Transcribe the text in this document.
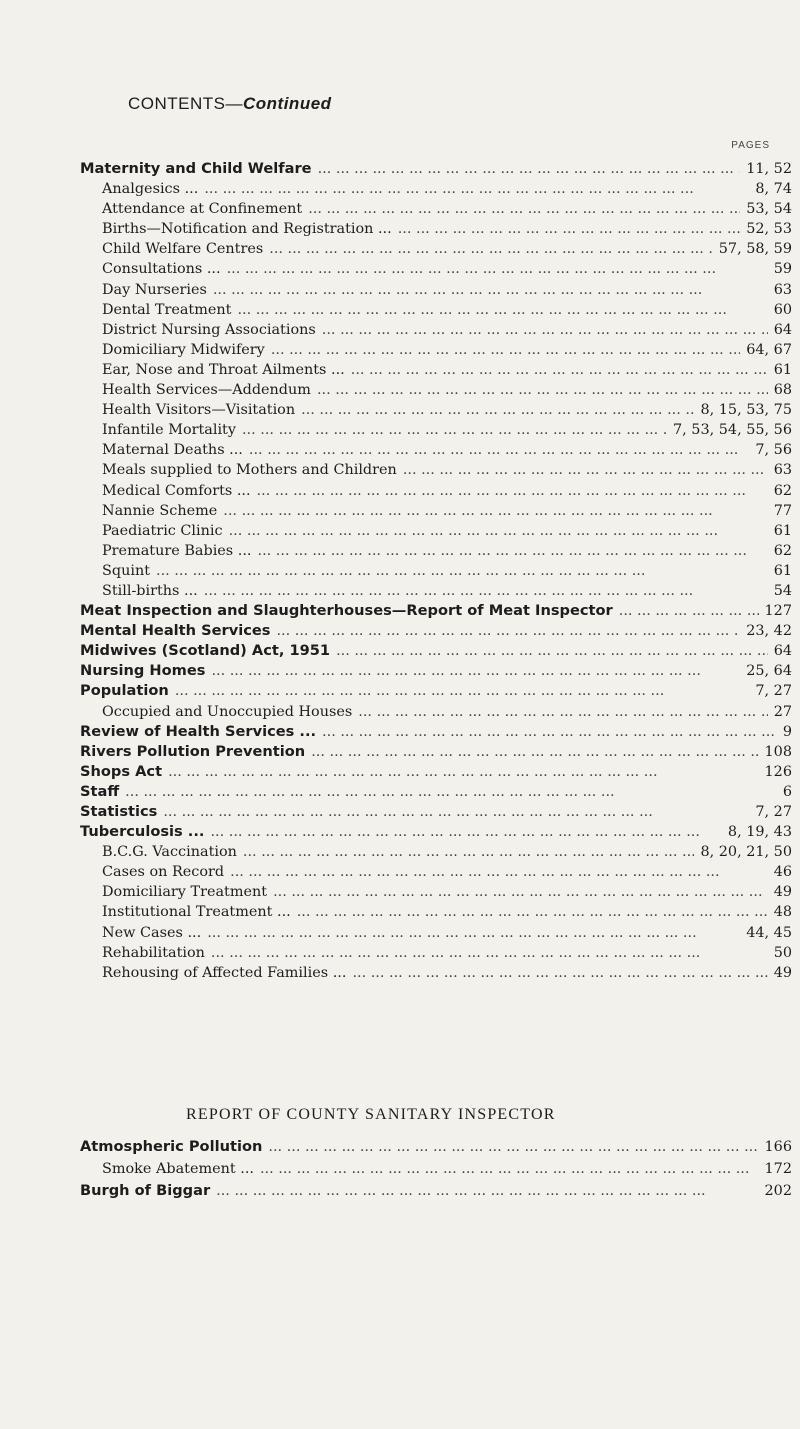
CONTENTS—Continued
PAGES
Maternity and Child Welfare ... .	11, 52
Analgesics ... ... .	8, 74
Attendance at Confinement ... .	53, 54
Births—Notification and Registration ... ... .	52, 53
Child Welfare Centres ... .	57, 58, 59
Consultations ... ... .	59
Day Nurseries ... .	63
Dental Treatment ... .	60
District Nursing Associations ... .	64
Domiciliary Midwifery ... .	64, 67
Ear, Nose and Throat Ailments ... ... .	61
Health Services—Addendum ... .	68
Health Visitors—Visitation ... .	8, 15, 53, 75
Infantile Mortality ... .	7, 53, 54, 55, 56
Maternal Deaths ... ... .	7, 56
Meals supplied to Mothers and Children ... .	63
Medical Comforts ... ... .	62
Nannie Scheme ... .	77
Paediatric Clinic ... .	61
Premature Babies ... ... .	62
Squint ... .	61
Still-births ... ... .	54
Meat Inspection and Slaughterhouses—Report of Meat Inspector ... .	127
Mental Health Services ... .	23, 42
Midwives (Scotland) Act, 1951 ... .	64
Nursing Homes ... .	25, 64
Population ... .	7, 27
Occupied and Unoccupied Houses ... .	27
Review of Health Services ... ... .	9
Rivers Pollution Prevention ... .	108
Shops Act ... .	126
Staff ... .	6
Statistics ... .	7, 27
Tuberculosis ... ... .	8, 19, 43
B.C.G. Vaccination ... .	8, 20, 21, 50
Cases on Record ... .	46
Domiciliary Treatment ... .	49
Institutional Treatment ... ... .	48
New Cases ... ... .	44, 45
Rehabilitation ... .	50
Rehousing of Affected Families ... ... .	49
REPORT OF COUNTY SANITARY INSPECTOR
Atmospheric Pollution ... .	166
Smoke Abatement ... ... .	172
Burgh of Biggar ... .	202
